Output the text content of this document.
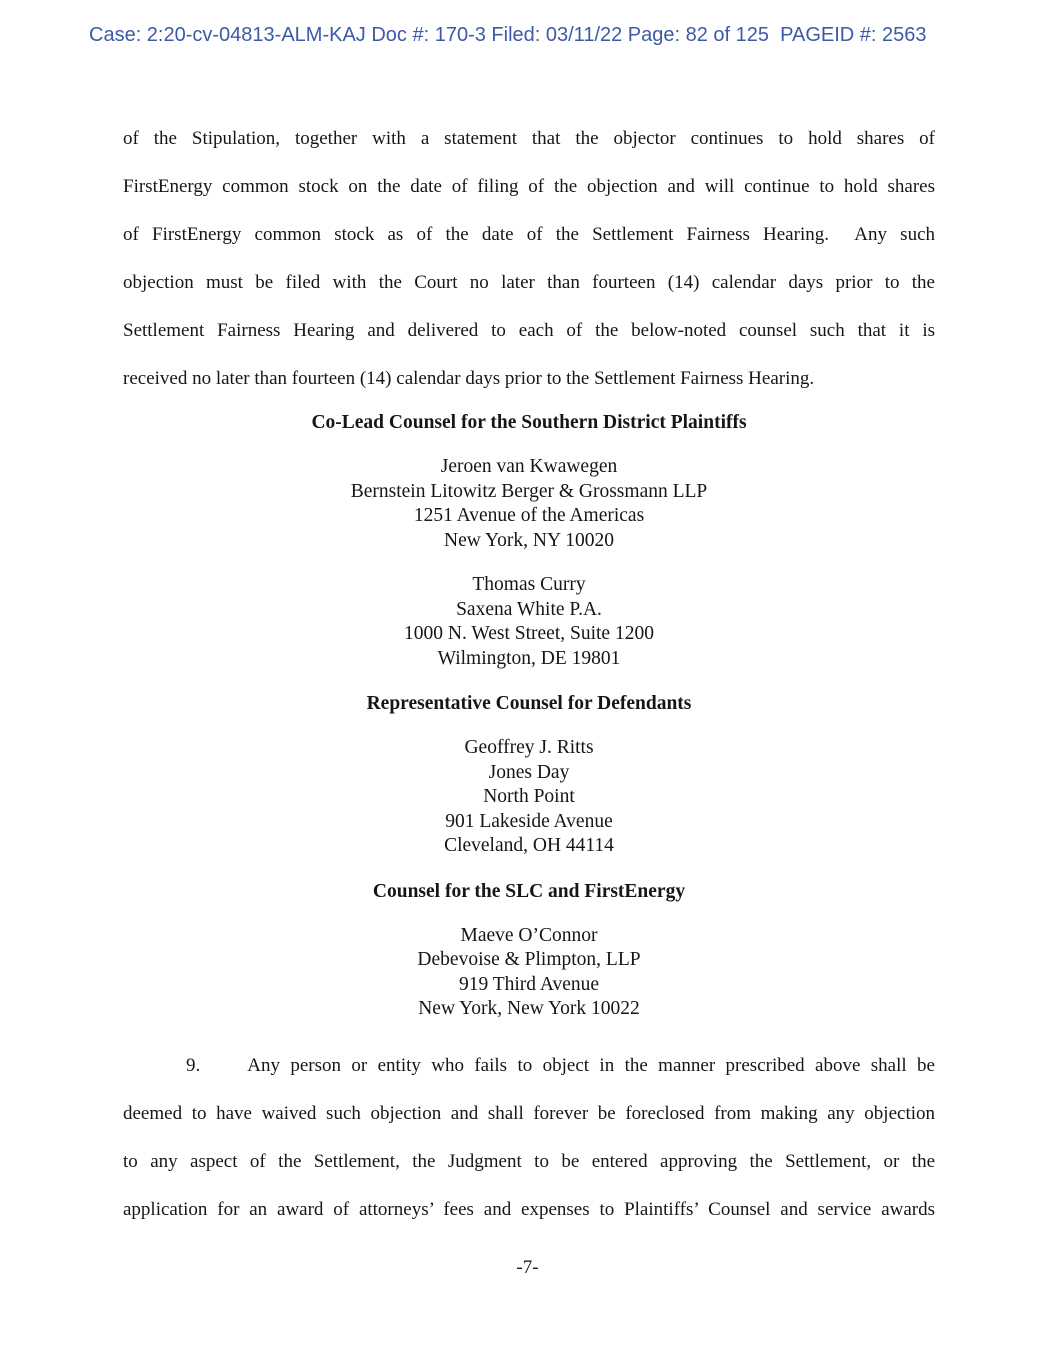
Case: 2:20-cv-04813-ALM-KAJ Doc #: 170-3 Filed: 03/11/22 Page: 82 of 125  PAGEID #: 2563
of the Stipulation, together with a statement that the objector continues to hold shares of
FirstEnergy common stock on the date of filing of the objection and will continue to hold shares
of FirstEnergy common stock as of the date of the Settlement Fairness Hearing.  Any such
objection must be filed with the Court no later than fourteen (14) calendar days prior to the
Settlement Fairness Hearing and delivered to each of the below-noted counsel such that it is
received no later than fourteen (14) calendar days prior to the Settlement Fairness Hearing.
Co-Lead Counsel for the Southern District Plaintiffs
Jeroen van Kwawegen
Bernstein Litowitz Berger & Grossmann LLP
1251 Avenue of the Americas
New York, NY 10020
Thomas Curry
Saxena White P.A.
1000 N. West Street, Suite 1200
Wilmington, DE 19801
Representative Counsel for Defendants
Geoffrey J. Ritts
Jones Day
North Point
901 Lakeside Avenue
Cleveland, OH 44114
Counsel for the SLC and FirstEnergy
Maeve O’Connor
Debevoise & Plimpton, LLP
919 Third Avenue
New York, New York 10022
9. Any person or entity who fails to object in the manner prescribed above shall be
deemed to have waived such objection and shall forever be foreclosed from making any objection
to any aspect of the Settlement, the Judgment to be entered approving the Settlement, or the
application for an award of attorneys’ fees and expenses to Plaintiffs’ Counsel and service awards
-7-
